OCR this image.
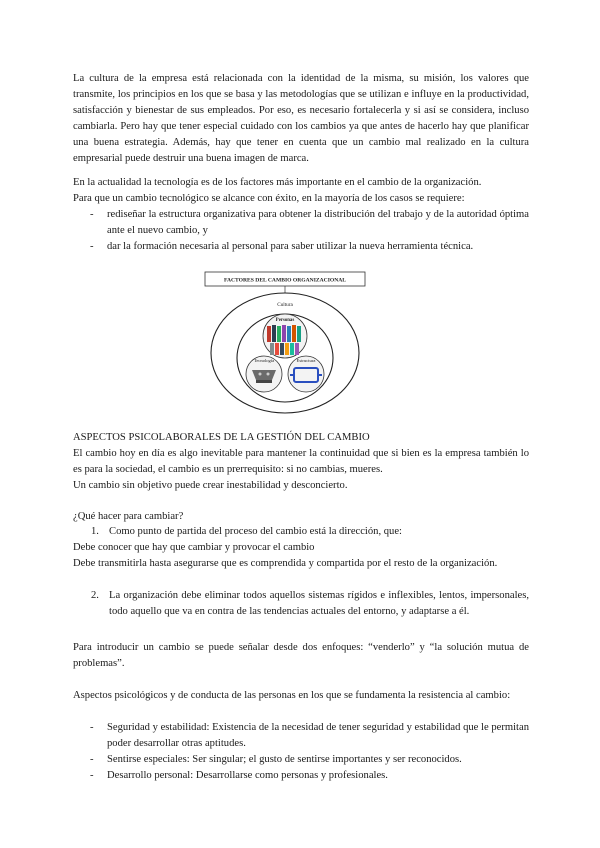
La cultura de la empresa está relacionada con la identidad de la misma, su misión, los valores que transmite, los principios en los que se basa y las metodologías que se utilizan e influye en la productividad, satisfacción y bienestar de sus empleados. Por eso, es necesario fortalecerla y si así se considera, incluso cambiarla. Pero hay que tener especial cuidado con los cambios ya que antes de hacerlo hay que planificar una buena estrategia. Además, hay que tener en cuenta que un cambio mal realizado en la cultura empresarial puede destruir una buena imagen de marca.

En la actualidad la tecnología es de los factores más importante en el cambio de la organización.

Para que un cambio tecnológico se alcance con éxito, en la mayoría de los casos se requiere:

- rediseñar la estructura organizativa para obtener la distribución del trabajo y de la autoridad óptima ante el nuevo cambio, y
- dar la formación necesaria al personal para saber utilizar la nueva herramienta técnica.
FACTORES DEL CAMBIO ORGANIZACIONAL
Cultura
Personas
Tecnología	Estructura

ASPECTOS PSICOLABORALES DE LA GESTIÓN DEL CAMBIO

El cambio hoy en día es algo inevitable para mantener la continuidad que si bien es la empresa también lo es para la sociedad, el cambio es un prerrequisito: si no cambias, mueres.

Un cambio sin objetivo puede crear inestabilidad y desconcierto.

¿Qué hacer para cambiar?

1. Como punto de partida del proceso del cambio está la dirección, que:

Debe conocer que hay que cambiar y provocar el cambio

Debe transmitirla hasta asegurarse que es comprendida y compartida por el resto de la organización.

2. La organización debe eliminar todos aquellos sistemas rígidos e inflexibles, lentos, impersonales, todo aquello que va en contra de las tendencias actuales del entorno, y adaptarse a él.

Para introducir un cambio se puede señalar desde dos enfoques: “venderlo” y “la solución mutua de problemas”.

Aspectos psicológicos y de conducta de las personas en los que se fundamenta la resistencia al cambio:

- Seguridad y estabilidad: Existencia de la necesidad de tener seguridad y estabilidad que le permitan poder desarrollar otras aptitudes.
- Sentirse especiales: Ser singular; el gusto de sentirse importantes y ser reconocidos.
- Desarrollo personal: Desarrollarse como personas y profesionales.
